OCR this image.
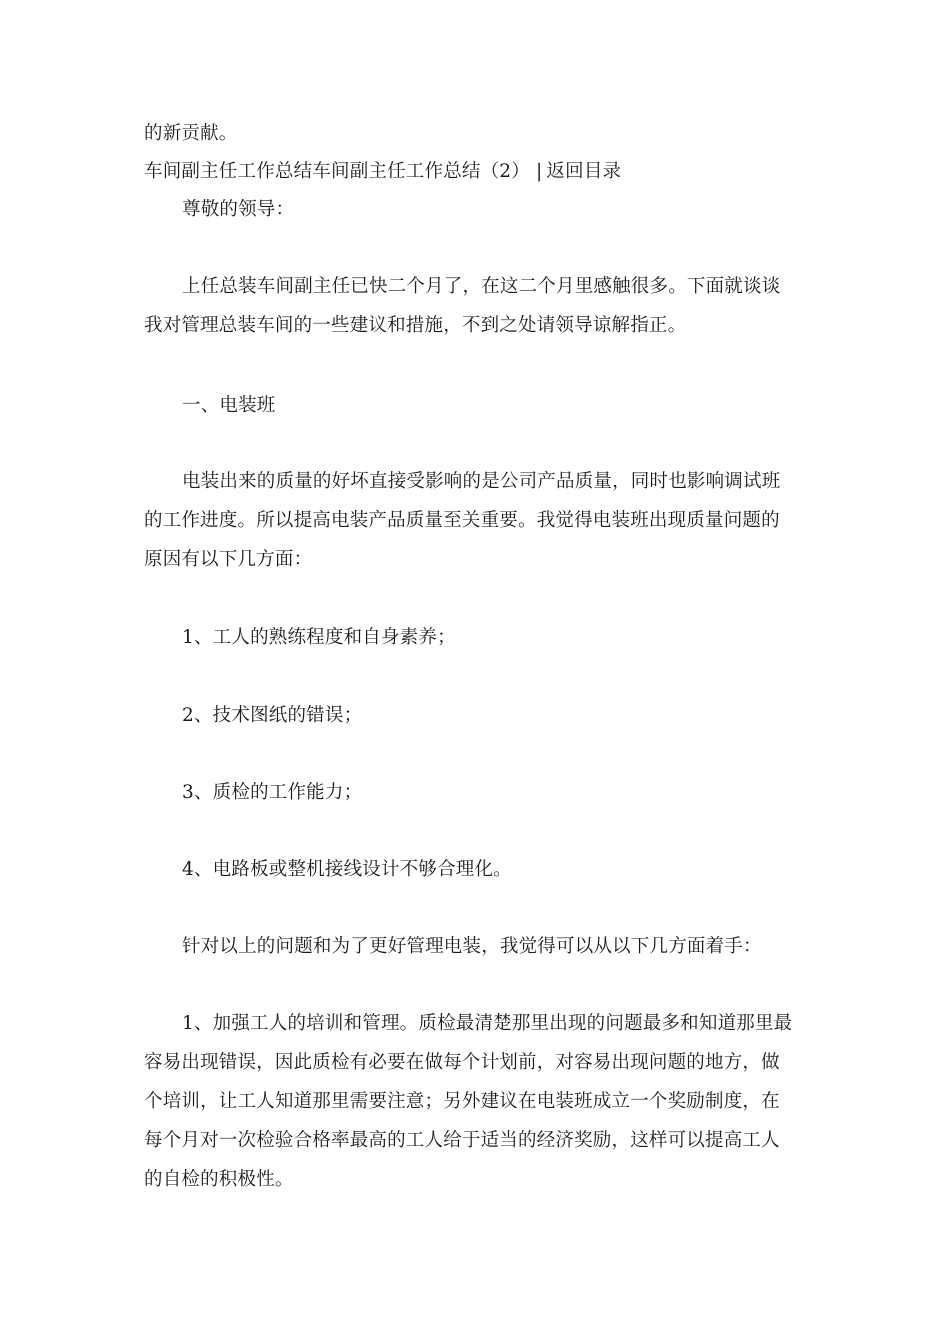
的新贡献。
车间副主任工作总结车间副主任工作总结（2） | 返回目录
尊敬的领导：
上任总装车间副主任已快二个月了，在这二个月里感触很多。下面就谈谈
我对管理总装车间的一些建议和措施，不到之处请领导谅解指正。
一、电装班
电装出来的质量的好坏直接受影响的是公司产品质量，同时也影响调试班
的工作进度。所以提高电装产品质量至关重要。我觉得电装班出现质量问题的
原因有以下几方面：
1、工人的熟练程度和自身素养；
2、技术图纸的错误；
3、质检的工作能力；
4、电路板或整机接线设计不够合理化。
针对以上的问题和为了更好管理电装，我觉得可以从以下几方面着手：
1、加强工人的培训和管理。质检最清楚那里出现的问题最多和知道那里最
容易出现错误，因此质检有必要在做每个计划前，对容易出现问题的地方，做
个培训，让工人知道那里需要注意；另外建议在电装班成立一个奖励制度，在
每个月对一次检验合格率最高的工人给于适当的经济奖励，这样可以提高工人
的自检的积极性。
